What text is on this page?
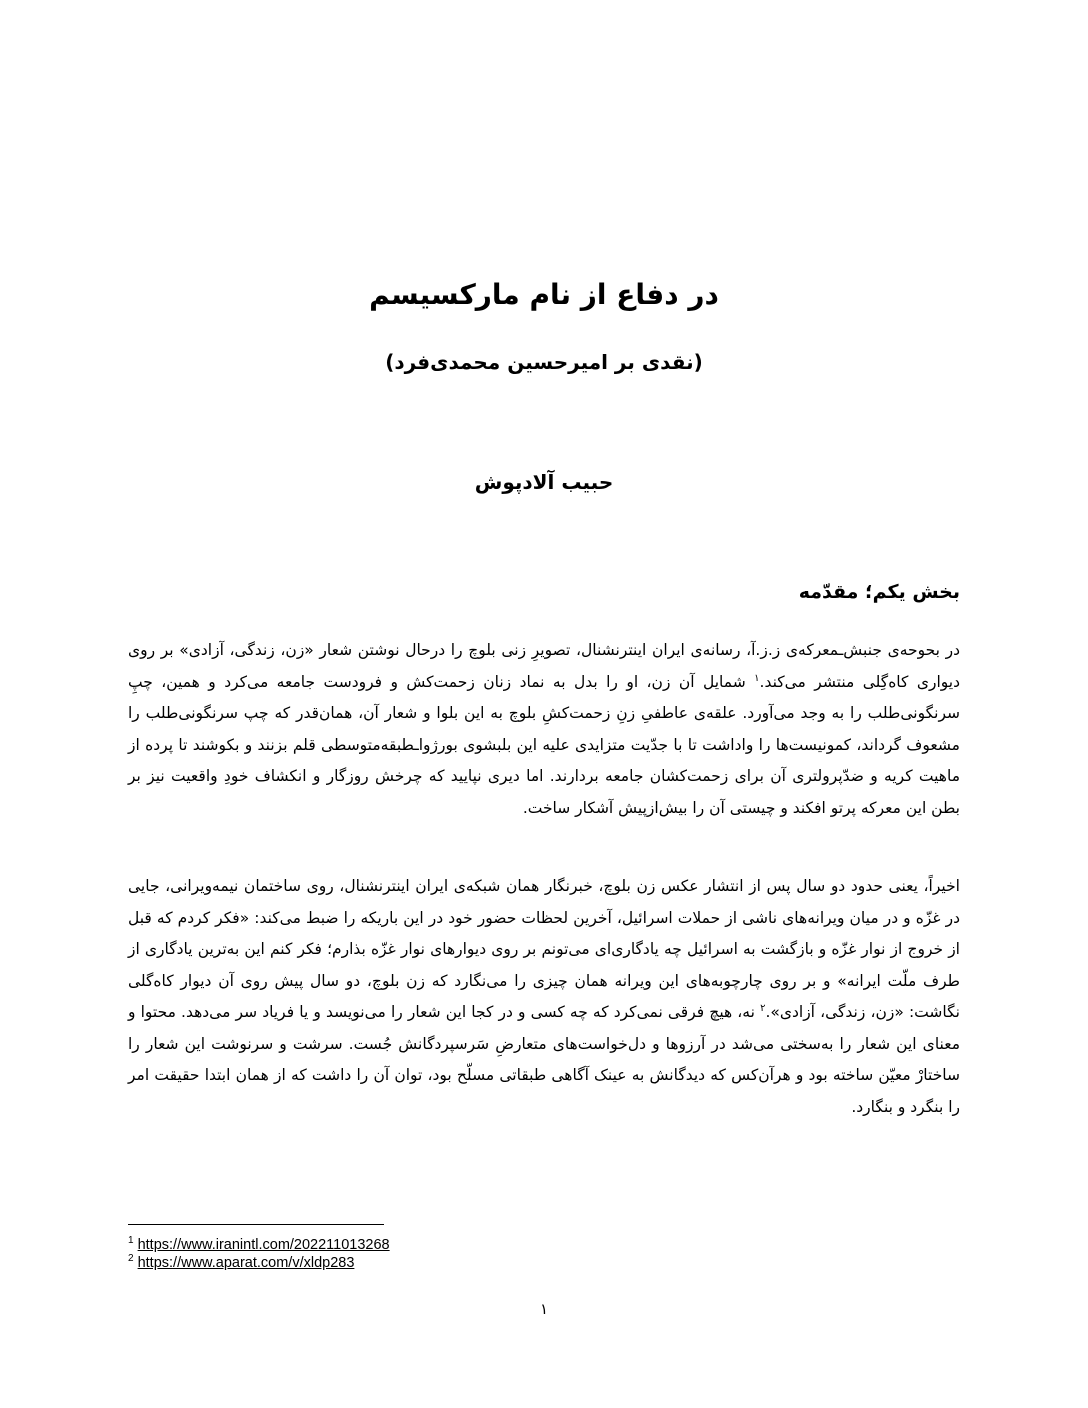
در دفاع از نام مارکسیسم
(نقدی بر امیرحسین محمدی‌فرد)
حبیب آلادپوش
بخش یکم؛ مقدّمه
در بحوحه‌ی جنبش‌ـمعرکه‌ی ز.ز.آ، رسانه‌ی ایران اینترنشنال، تصویرِ زنی بلوچ را درحال نوشتن شعار «زن، زندگی، آزادی» بر روی دیواری کاه‌گِلی منتشر می‌کند.$^۱$ شمایل آن زن، او را بدل به نماد زنان زحمت‌کش و فرودست جامعه می‌کرد و همین، چپِ سرنگونی‌طلب را به وجد می‌آورد. علقه‌ی عاطفیِ زنِ زحمت‌کشِ بلوچ به این بلوا و شعار آن، همان‌قدر که چپ سرنگونی‌طلب را مشعوف گرداند، کمونیست‌ها را واداشت تا با جدّیت متزایدی علیه این بلبشوی بورژواـطبقه‌متوسطی قلم بزنند و بکوشند تا پرده از ماهیت کریه و ضدّپرولتری آن برای زحمت‌کشان جامعه بردارند. اما دیری نپایید که چرخش روزگار و انکشاف خودِ واقعیت نیز بر بطن این معرکه پرتو افکند و چیستی آن را بیش‌ازپیش آشکار ساخت.
اخیراً، یعنی حدود دو سال پس از انتشار عکس زن بلوچ، خبرنگار همان شبکه‌ی ایران اینترنشنال، روی ساختمان نیمه‌ویرانی، جایی در غزّه و در میان ویرانه‌های ناشی از حملات اسرائیل، آخرین لحظات حضور خود در این باریکه را ضبط می‌کند: «فکر کردم که قبل از خروج از نوار غزّه و بازگشت به اسرائیل چه یادگاری‌ای می‌تونم بر روی دیوارهای نوار غزّه بذارم؛ فکر کنم این به‌ترین یادگاری از طرف ملّت ایرانه» و بر روی چارچوبه‌های این ویرانه همان چیزی را می‌نگارد که زن بلوچ، دو سال پیش روی آن دیوار کاه‌گلی نگاشت: «زن، زندگی، آزادی».$^۲$ نه، هیچ فرقی نمی‌کرد که چه کسی و در کجا این شعار را می‌نویسد و یا فریاد سر می‌دهد. محتوا و معنای این شعار را به‌سختی می‌شد در آرزوها و دل‌خواست‌های متعارضِ سَرسپردگانش جُست. سرشت و سرنوشت این شعار را ساختارْ معیّن ساخته بود و هرآن‌کس که دیدگانش به عینک آگاهی طبقاتی مسلّح بود، توان آن را داشت که از همان ابتدا حقیقت امر را بنگرد و بنگارد.
$^1$ https://www.iranintl.com/202211013268
$^2$ https://www.aparat.com/v/xldp283
۱
